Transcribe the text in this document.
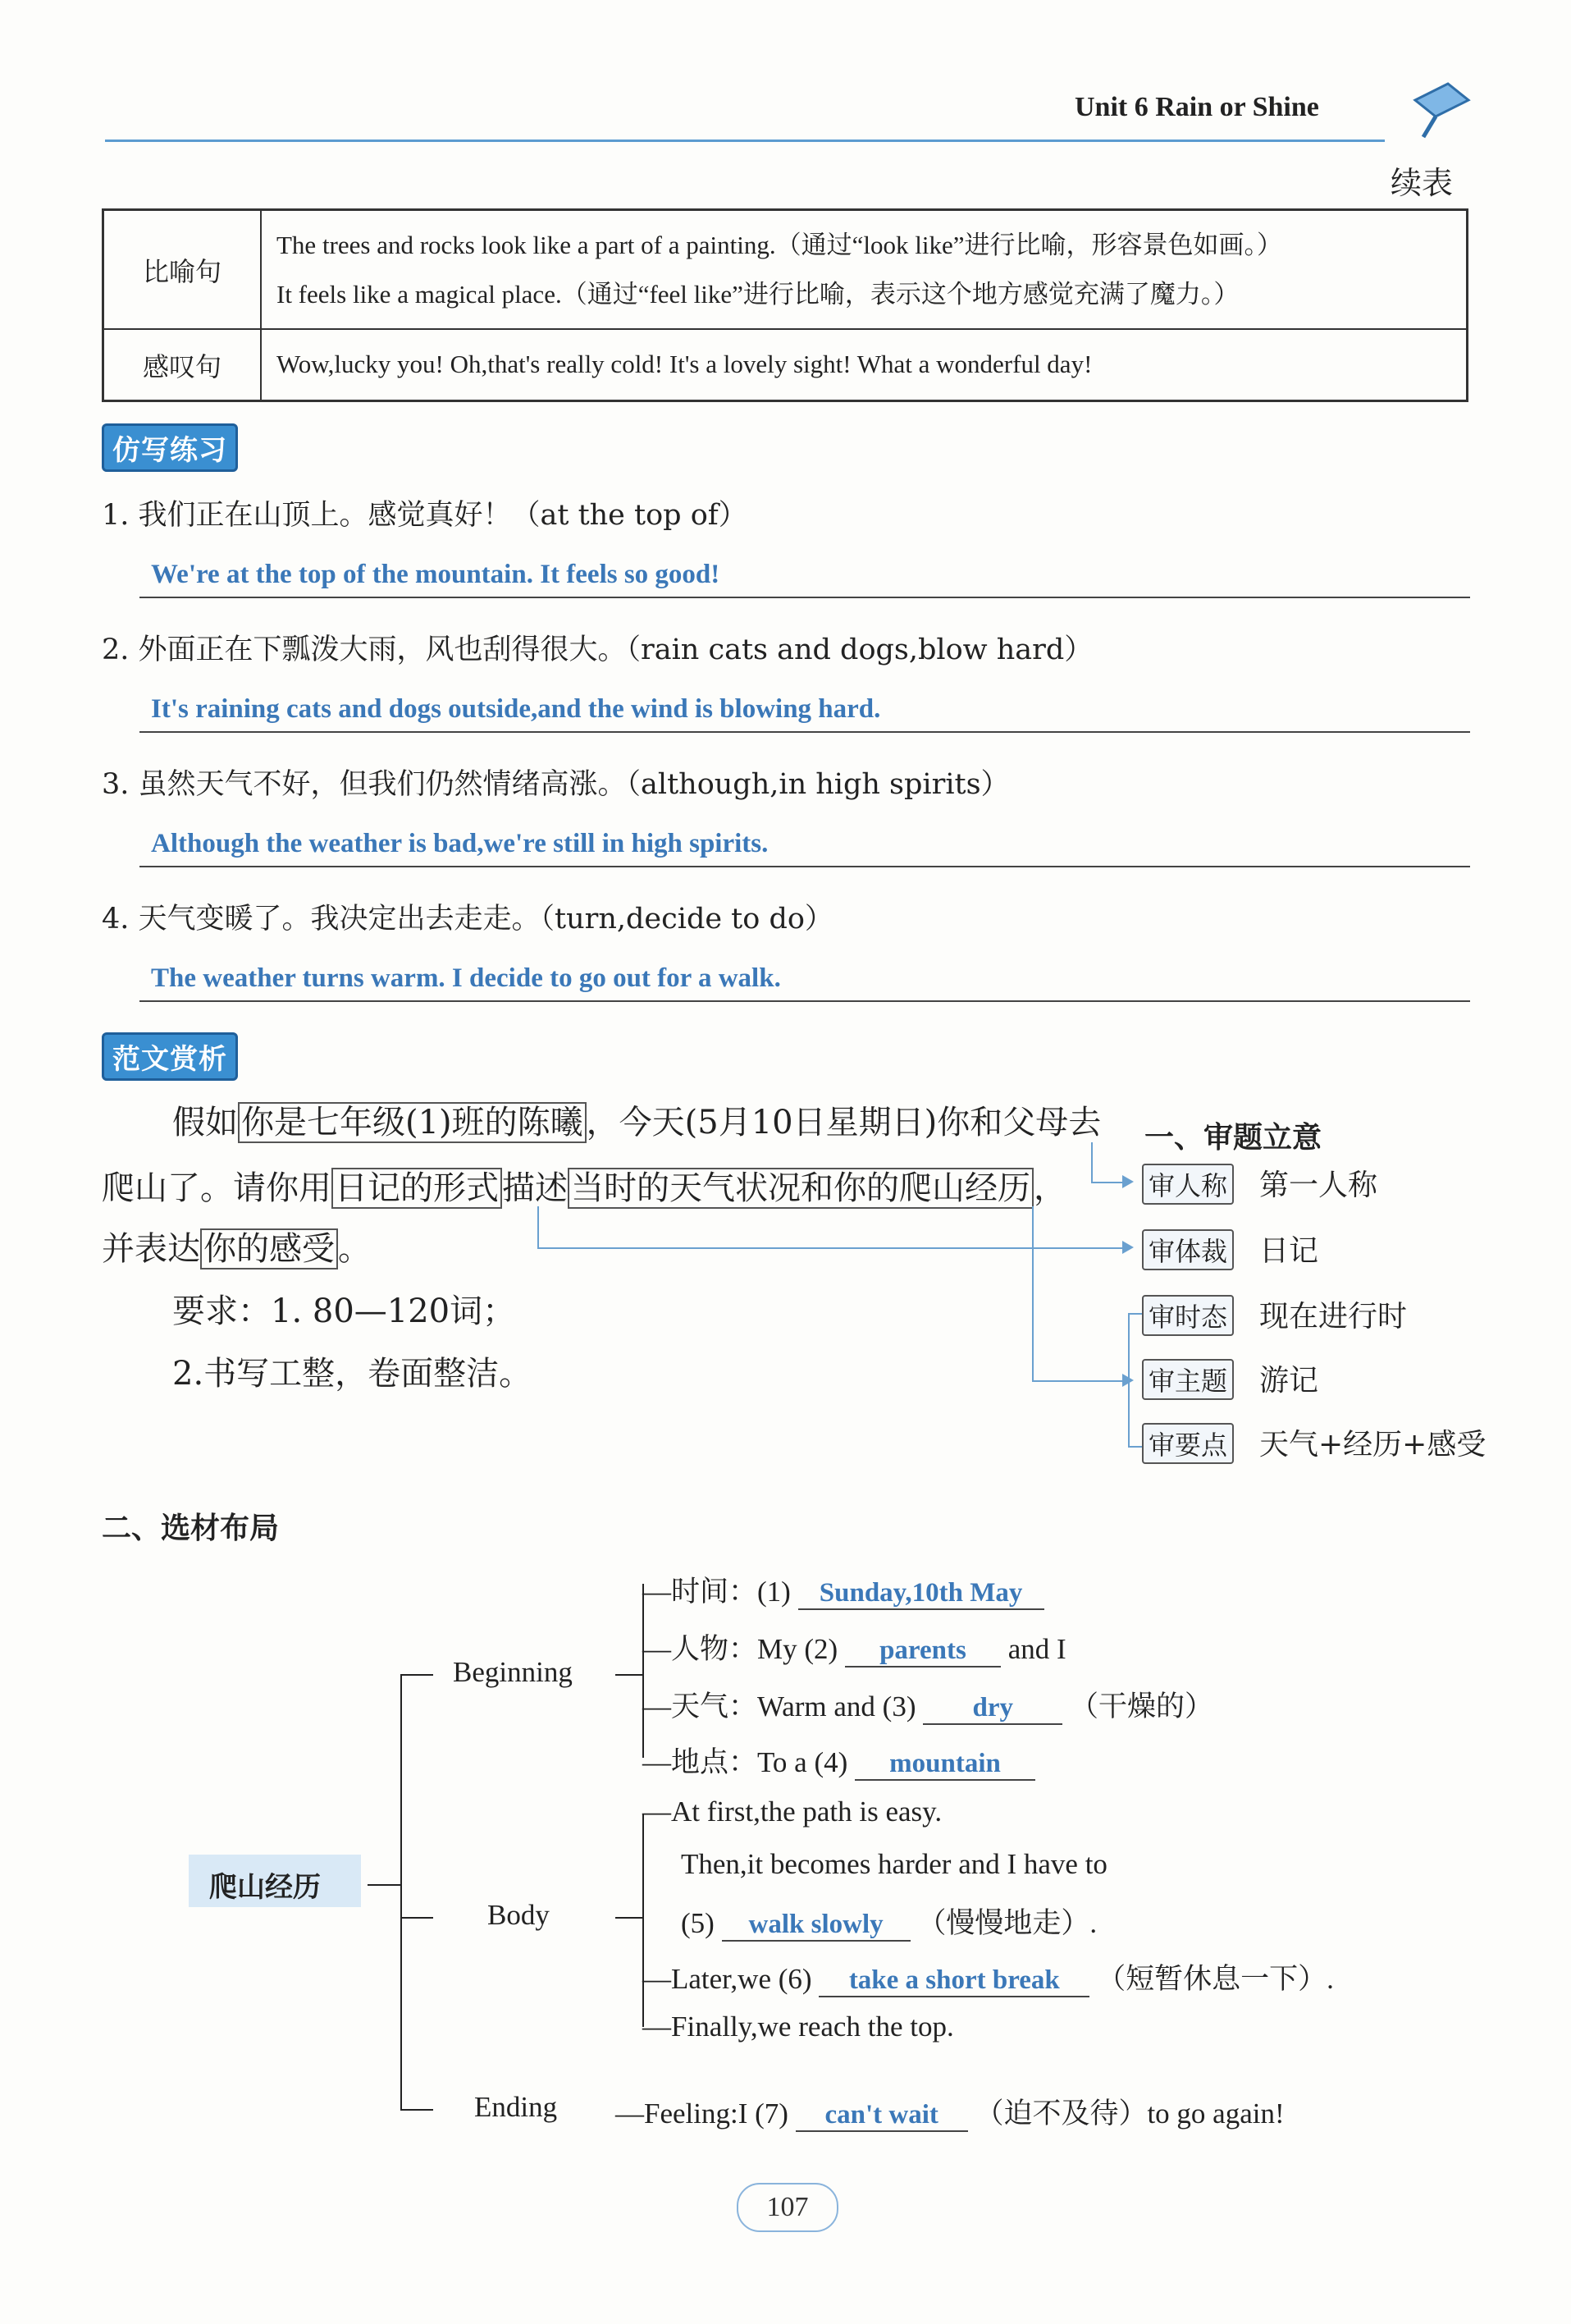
Unit 6 Rain or Shine
续表
比喻句
The trees and rocks look like a part of a painting.（通过“look like”进行比喻，形容景色如画。）
It feels like a magical place.（通过“feel like”进行比喻，表示这个地方感觉充满了魔力。）
感叹句	Wow,lucky you! Oh,that's really cold! It's a lovely sight! What a wonderful day!
仿写练习
1. 我们正在山顶上。感觉真好！（at the top of）
We're at the top of the mountain. It feels so good!
2. 外面正在下瓢泼大雨，风也刮得很大。（rain cats and dogs,blow hard）
It's raining cats and dogs outside,and the wind is blowing hard.
3. 虽然天气不好，但我们仍然情绪高涨。（although,in high spirits）
Although the weather is bad,we're still in high spirits.
4. 天气变暖了。我决定出去走走。（turn,decide to do）
The weather turns warm. I decide to go out for a walk.
范文赏析
假如 你是七年级(1)班的陈曦 ，今天(5月10日星期日)你和父母去
爬山了。请你用 日记的形式 描述 当时的天气状况和你的爬山经历 ，
并表达 你的感受 。
要求：1. 80—120词；
2.书写工整，卷面整洁。
一、审题立意
审人称 第一人称
审体裁 日记
审时态 现在进行时
审主题 游记
审要点 天气+经历+感受
二、选材布局
爬山经历
Beginning
Body
Ending
—时间：(1) Sunday,10th May
—人物：My (2) parents and I
—天气：Warm and (3) dry （干燥的）
—地点：To a (4) mountain
—At first,the path is easy.
Then,it becomes harder and I have to
(5) walk slowly （慢慢地走）.
—Later,we (6) take a short break （短暂休息一下）.
—Finally,we reach the top.
—Feeling:I (7) can't wait （迫不及待）to go again!
107
